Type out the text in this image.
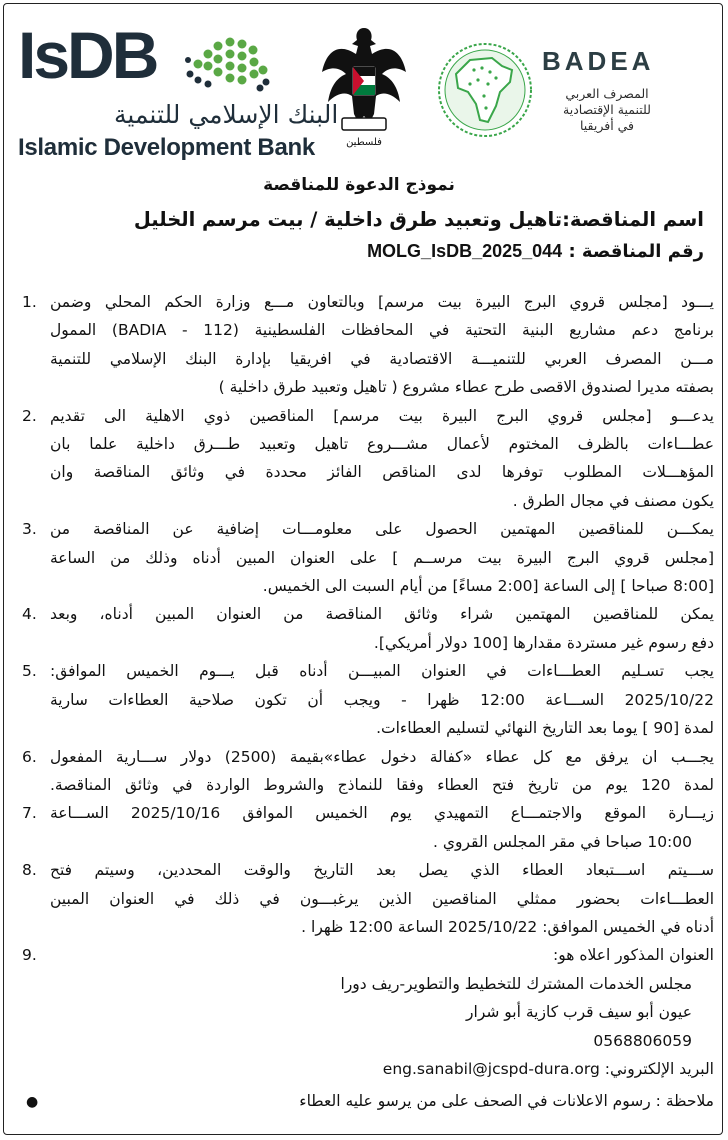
IsDB
البنك الإسلامي للتنمية
Islamic Development Bank	فلسطين
BADEA
المصرف العربي
للتنمية الإقتصادية
في أفريقيا

نموذج الدعوة للمناقصة

اسم المناقصة:تاهيل وتعبيد طرق داخلية / بيت مرسم الخليل

رقم المناقصة : MOLG_IsDB_2025_044

يـــود [مجلس قروي البرج البيرة بيت مرسم] وبالتعاون مـــع وزارة الحكم المحلي وضمن
برنامج دعم مشاريع البنية التحتية في المحافظات الفلسطينية (112 - BADIA) الممول
مـــن المصرف العربي للتنميـــة الاقتصادية في افريقيا بإدارة البنك الإسلامي للتنمية
بصفته مديرا لصندوق الاقصى طرح عطاء مشروع ( تاهيل وتعبيد طرق داخلية )
1.
يدعـــو [مجلس قروي البرج البيرة بيت مرسم] المناقصين ذوي الاهلية الى تقديم
عطـــاءات بالظرف المختوم لأعمال مشـــروع تاهيل وتعبيد طـــرق داخلية علما بان
المؤهـــلات المطلوب توفرها لدى المناقص الفائز محددة في وثائق المناقصة وان
يكون مصنف في مجال الطرق .
2.
يمكـــن للمناقصين المهتمين الحصول على معلومـــات إضافية عن المناقصة من
[مجلس قروي البرج البيرة بيت مرســم ] على العنوان المبين أدناه وذلك من الساعة
[8:00 صباحا ] إلى الساعة [2:00 مساءً] من أيام السبت الى الخميس.
3.
يمكن للمناقصين المهتمين شراء وثائق المناقصة من العنوان المبين أدناه، وبعد
دفع رسوم غير مستردة مقدارها [100 دولار أمريكي].
4.
يجب تسـليم العطـــاءات في العنوان المبيـــن أدناه قبل يـــوم الخميس الموافق:
2025/10/22 الســـاعة 12:00 ظهرا - ويجب أن تكون صلاحية العطاءات سارية
لمدة [90 ] يوما بعد التاريخ النهائي لتسليم العطاءات.
5.
يجـــب ان يرفق مع كل عطاء «كفالة دخول عطاء»بقيمة (2500) دولار ســـارية المفعول
لمدة 120 يوم من تاريخ فتح العطاء وفقا للنماذج والشروط الواردة في وثائق المناقصة.
6.
زيـــارة الموقع والاجتمـــاع التمهيدي يوم الخميس الموافق 2025/10/16 الســـاعة
10:00 صباحا في مقر المجلس القروي .
7.
ســـيتم اســـتبعاد العطاء الذي يصل بعد التاريخ والوقت المحددين، وسيتم فتح
العطـــاءات بحضور ممثلي المناقصين الذين يرغبـــون في ذلك في العنوان المبين
أدناه في الخميس الموافق: 2025/10/22 الساعة 12:00 ظهرا .
8.
العنوان المذكور اعلاه هو:
مجلس الخدمات المشترك للتخطيط والتطوير-ريف دورا
عيون أبو سيف قرب كازية أبو شرار
0568806059
البريد الإلكتروني: eng.sanabil@jcspd-dura.org
9.
ملاحظة : رسوم الاعلانات في الصحف على من يرسو عليه العطاء
●
